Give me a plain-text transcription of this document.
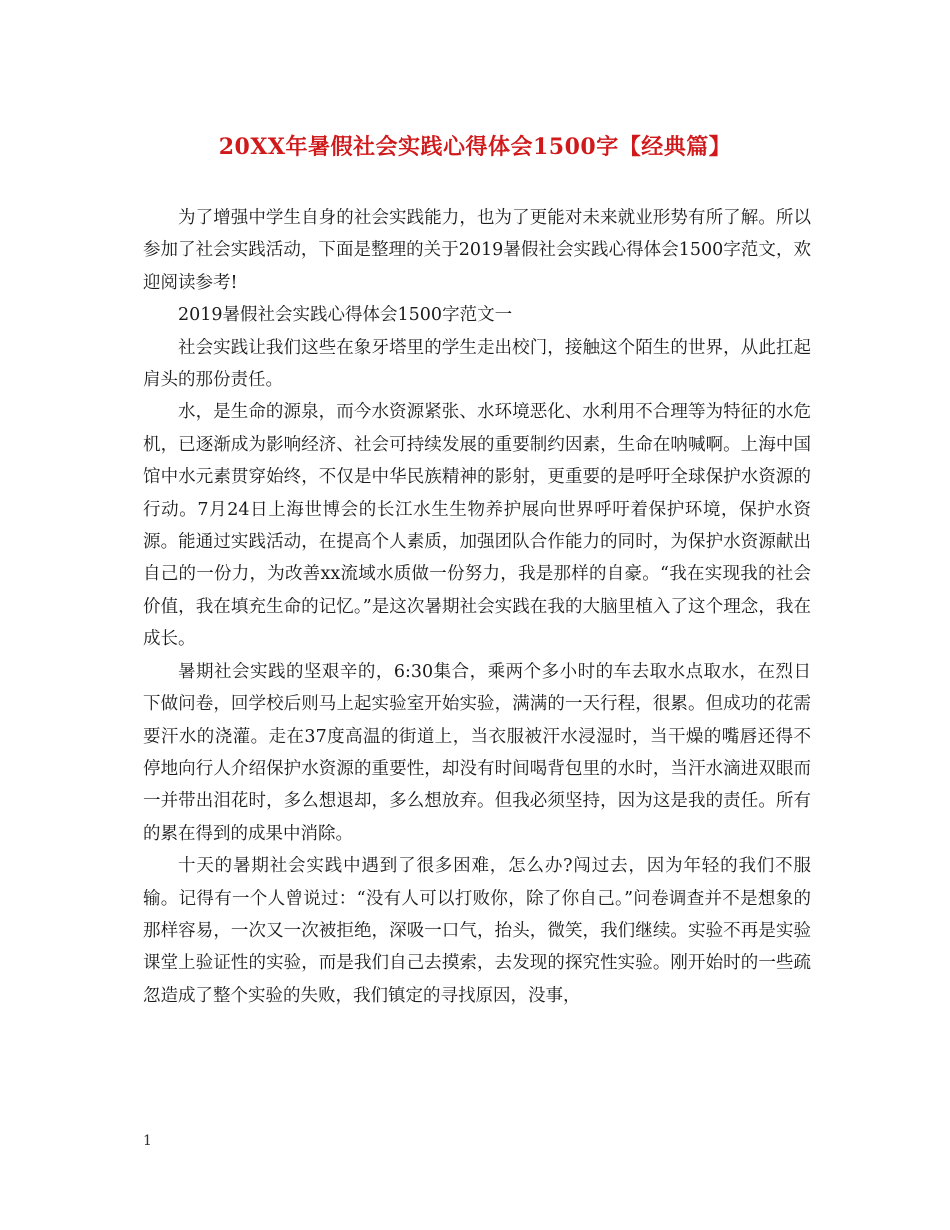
20XX年暑假社会实践心得体会1500字【经典篇】

为了增强中学生自身的社会实践能力，也为了更能对未来就业形势有所了解。所以参加了社会实践活动，下面是整理的关于2019暑假社会实践心得体会1500字范文，欢迎阅读参考!

2019暑假社会实践心得体会1500字范文一

社会实践让我们这些在象牙塔里的学生走出校门，接触这个陌生的世界，从此扛起肩头的那份责任。

水，是生命的源泉，而今水资源紧张、水环境恶化、水利用不合理等为特征的水危机，已逐渐成为影响经济、社会可持续发展的重要制约因素，生命在呐喊啊。上海中国馆中水元素贯穿始终，不仅是中华民族精神的影射，更重要的是呼吁全球保护水资源的行动。7月24日上海世博会的长江水生生物养护展向世界呼吁着保护环境，保护水资源。能通过实践活动，在提高个人素质，加强团队合作能力的同时，为保护水资源献出自己的一份力，为改善xx流域水质做一份努力，我是那样的自豪。“我在实现我的社会价值，我在填充生命的记忆。”是这次暑期社会实践在我的大脑里植入了这个理念，我在成长。

暑期社会实践的坚艰辛的，6:30集合，乘两个多小时的车去取水点取水，在烈日下做问卷，回学校后则马上起实验室开始实验，满满的一天行程，很累。但成功的花需要汗水的浇灌。走在37度高温的街道上，当衣服被汗水浸湿时，当干燥的嘴唇还得不停地向行人介绍保护水资源的重要性，却没有时间喝背包里的水时，当汗水滴进双眼而一并带出泪花时，多么想退却，多么想放弃。但我必须坚持，因为这是我的责任。所有的累在得到的成果中消除。

十天的暑期社会实践中遇到了很多困难，怎么办?闯过去，因为年轻的我们不服输。记得有一个人曾说过：“没有人可以打败你，除了你自己。”问卷调查并不是想象的那样容易，一次又一次被拒绝，深吸一口气，抬头，微笑，我们继续。实验不再是实验课堂上验证性的实验，而是我们自己去摸索，去发现的探究性实验。刚开始时的一些疏忽造成了整个实验的失败，我们镇定的寻找原因，没事，

1
